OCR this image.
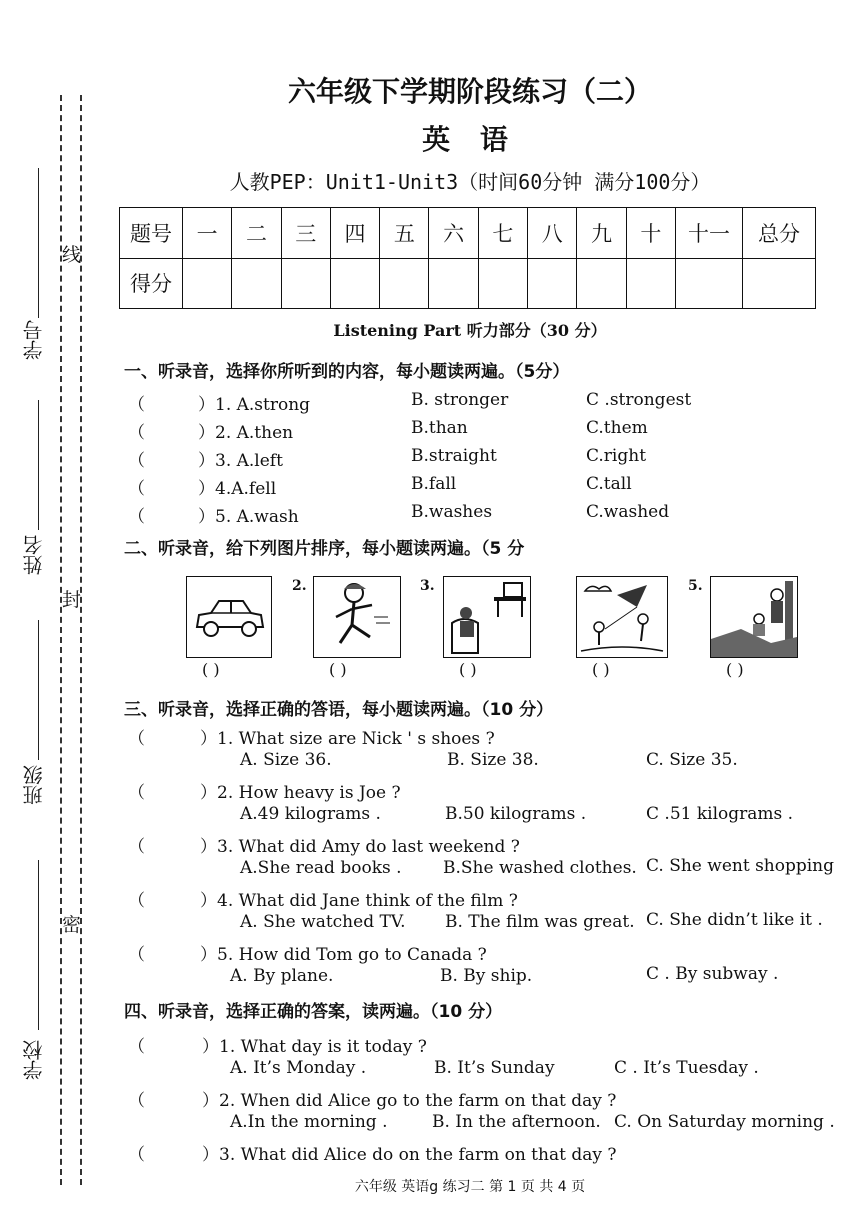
学号
姓名
班级
学校
线
封
密
六年级下学期阶段练习（二）
英 语
人教PEP：Unit1-Unit3（时间60分钟 满分100分）
题号	一	二	三	四	五	六	七	八	九	十	十一	总分
得分												
Listening Part 听力部分（30 分）
一、听录音，选择你所听到的内容，每小题读两遍。（5分）
（	）1. A.strong	B. stronger	C .strongest
（	）2. A.then	B.than	C.them
（	）3. A.left	B.straight	C.right
（	）4.A.fell	B.fall	C.tall
（	）5. A.wash	B.washes	C.washed
二、听录音，给下列图片排序，每小题读两遍。（5 分
2.	3.	5.
( )	( )	( )	( )	( )
三、听录音，选择正确的答语，每小题读两遍。（10 分）
（	）1. What size are Nick ' s shoes ?
A. Size 36.	B. Size 38.	C. Size 35.
（	）2. How heavy is Joe ?
A.49 kilograms .	B.50 kilograms .	C .51 kilograms .
（	）3. What did Amy do last weekend ?
A.She read books . B.She washed clothes. C. She went shopping
（	）4. What did Jane think of the film ?
A. She watched TV. B. The film was great. C. She didn’t like it .
（	）5. How did Tom go to Canada ?
A. By plane.	B. By ship.	C . By subway .
四、听录音，选择正确的答案，读两遍。（10 分）
（	）1. What day is it today ?
A. It’s Monday .	B. It’s Sunday	C . It’s Tuesday .
（	）2. When did Alice go to the farm on that day ?
A.In the morning .	B. In the afternoon. C. On Saturday morning .
（	）3. What did Alice do on the farm on that day ?
六年级 英语g 练习二 第 1 页 共 4 页
